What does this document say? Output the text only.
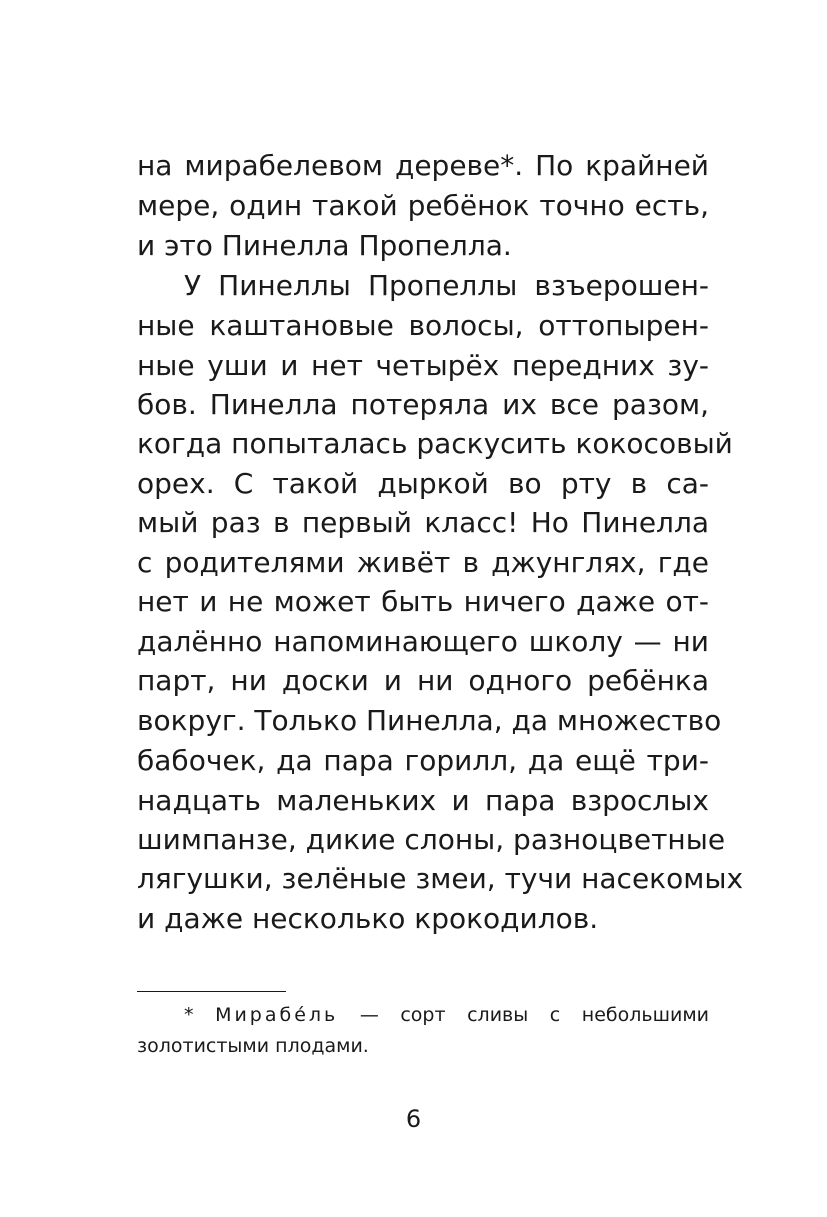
на мирабелевом дереве*. По крайней
мере, один такой ребёнок точно есть,
и это Пинелла Пропелла.
У Пинеллы Пропеллы взъерошен-
ные каштановые волосы, оттопырен-
ные уши и нет четырёх передних зу-
бов. Пинелла потеряла их все разом,
когда попыталась раскусить кокосовый
орех. С такой дыркой во рту в са-
мый раз в первый класс! Но Пинелла
с родителями живёт в джунглях, где
нет и не может быть ничего даже от-
далённо напоминающего школу — ни
парт, ни доски и ни одного ребёнка
вокруг. Только Пинелла, да множество
бабочек, да пара горилл, да ещё три-
надцать маленьких и пара взрослых
шимпанзе, дикие слоны, разноцветные
лягушки, зелёные змеи, тучи насекомых
и даже несколько крокодилов.
* Мирабе́ль — сорт сливы с небольшими
золотистыми плодами.
6
